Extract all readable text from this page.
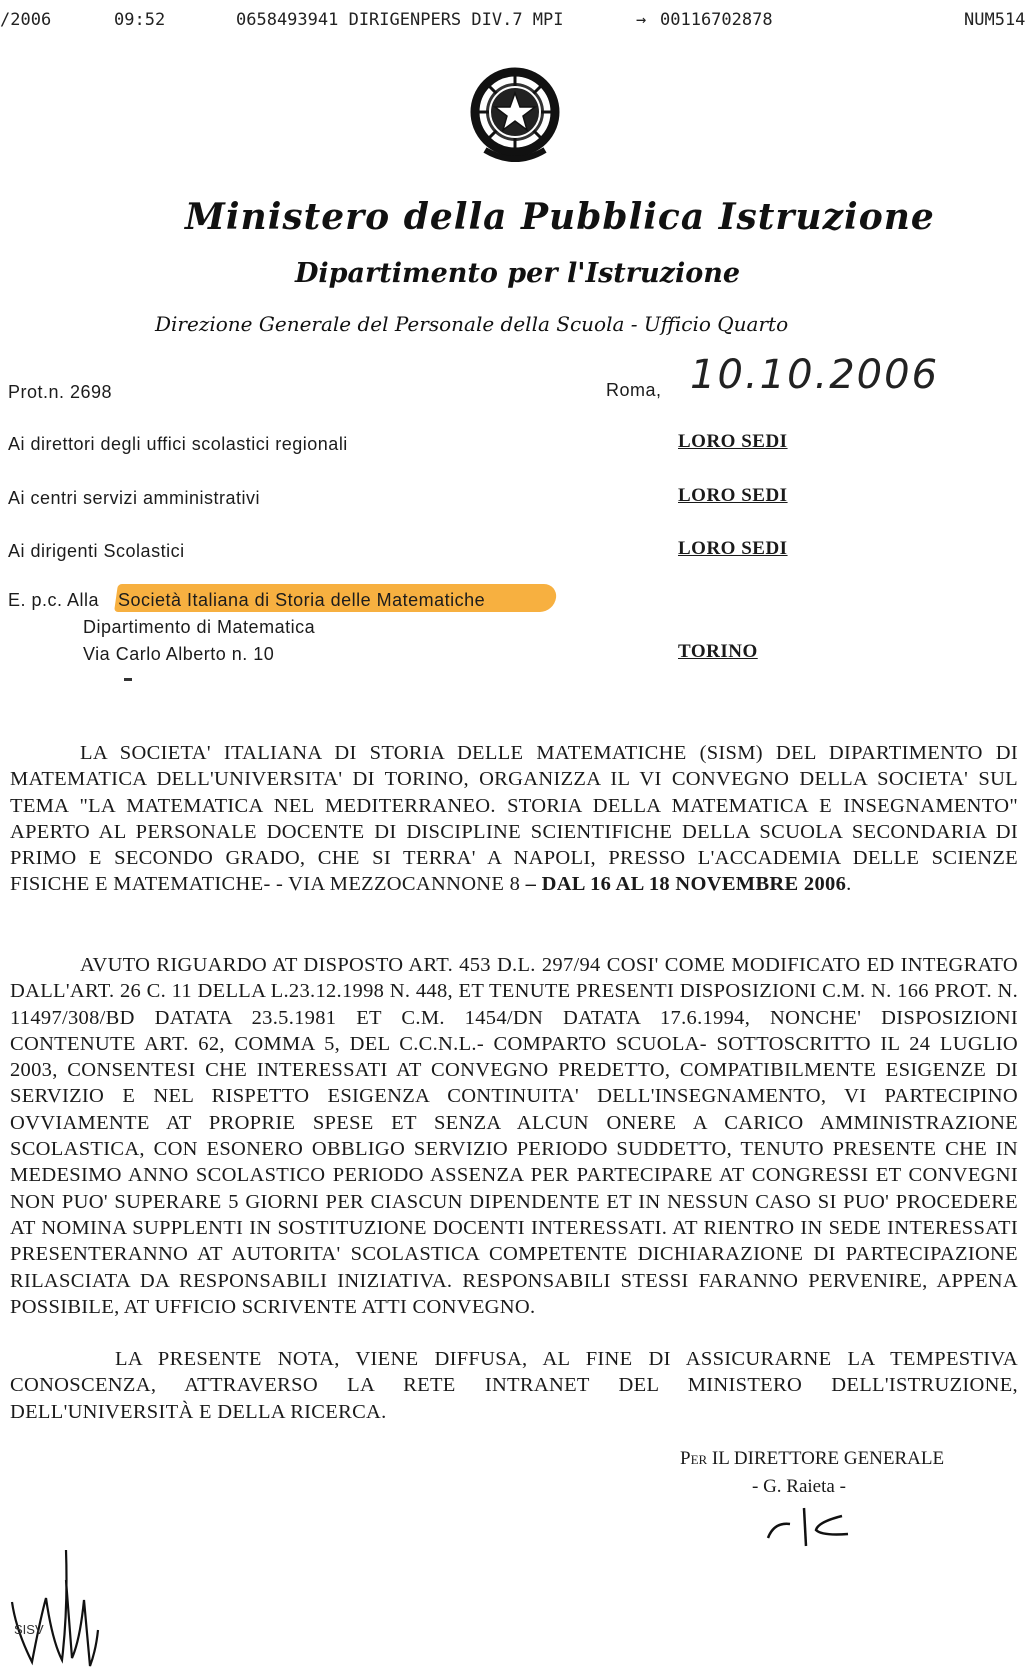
/2006	09:52	0658493941 DIRIGENPERS DIV.7 MPI	→ 00116702878	NUM514
Ministero della Pubblica Istruzione
Dipartimento per l'Istruzione
Direzione Generale del Personale della Scuola - Ufficio Quarto
Prot.n. 2698	Roma, 10.10.2006
Ai direttori degli uffici scolastici regionali	LORO SEDI
Ai centri servizi amministrativi	LORO SEDI
Ai dirigenti Scolastici	LORO SEDI
E. p.c. Alla Società Italiana di Storia delle Matematiche
Dipartimento di Matematica
Via Carlo Alberto n. 10	TORINO

LA SOCIETA' ITALIANA DI STORIA DELLE MATEMATICHE (SISM) DEL DIPARTIMENTO DI MATEMATICA DELL'UNIVERSITA' DI TORINO, ORGANIZZA IL VI CONVEGNO DELLA SOCIETA' SUL TEMA "LA MATEMATICA NEL MEDITERRANEO. STORIA DELLA MATEMATICA E INSEGNAMENTO" APERTO AL PERSONALE DOCENTE DI DISCIPLINE SCIENTIFICHE DELLA SCUOLA SECONDARIA DI PRIMO E SECONDO GRADO, CHE SI TERRA' A NAPOLI, PRESSO L'ACCADEMIA DELLE SCIENZE FISICHE E MATEMATICHE- - VIA MEZZOCANNONE 8 – DAL 16 AL 18 NOVEMBRE 2006.

AVUTO RIGUARDO AT DISPOSTO ART. 453 D.L. 297/94 COSI' COME MODIFICATO ED INTEGRATO DALL'ART. 26 C. 11 DELLA L.23.12.1998 N. 448, ET TENUTE PRESENTI DISPOSIZIONI C.M. N. 166 PROT. N. 11497/308/BD DATATA 23.5.1981 ET C.M. 1454/DN DATATA 17.6.1994, NONCHE' DISPOSIZIONI CONTENUTE ART. 62, COMMA 5, DEL C.C.N.L.- COMPARTO SCUOLA- SOTTOSCRITTO IL 24 LUGLIO 2003, CONSENTESI CHE INTERESSATI AT CONVEGNO PREDETTO, COMPATIBILMENTE ESIGENZE DI SERVIZIO E NEL RISPETTO ESIGENZA CONTINUITA' DELL'INSEGNAMENTO, VI PARTECIPINO OVVIAMENTE AT PROPRIE SPESE ET SENZA ALCUN ONERE A CARICO AMMINISTRAZIONE SCOLASTICA, CON ESONERO OBBLIGO SERVIZIO PERIODO SUDDETTO, TENUTO PRESENTE CHE IN MEDESIMO ANNO SCOLASTICO PERIODO ASSENZA PER PARTECIPARE AT CONGRESSI ET CONVEGNI NON PUO' SUPERARE 5 GIORNI PER CIASCUN DIPENDENTE ET IN NESSUN CASO SI PUO' PROCEDERE AT NOMINA SUPPLENTI IN SOSTITUZIONE DOCENTI INTERESSATI. AT RIENTRO IN SEDE INTERESSATI PRESENTERANNO AT AUTORITA' SCOLASTICA COMPETENTE DICHIARAZIONE DI PARTECIPAZIONE RILASCIATA DA RESPONSABILI INIZIATIVA. RESPONSABILI STESSI FARANNO PERVENIRE, APPENA POSSIBILE, AT UFFICIO SCRIVENTE ATTI CONVEGNO.

LA PRESENTE NOTA, VIENE DIFFUSA, AL FINE DI ASSICURARNE LA TEMPESTIVA CONOSCENZA, ATTRAVERSO LA RETE INTRANET DEL MINISTERO DELL'ISTRUZIONE, DELL'UNIVERSITÀ E DELLA RICERCA.

Per IL DIRETTORE GENERALE
- G. Raieta -
SISV
